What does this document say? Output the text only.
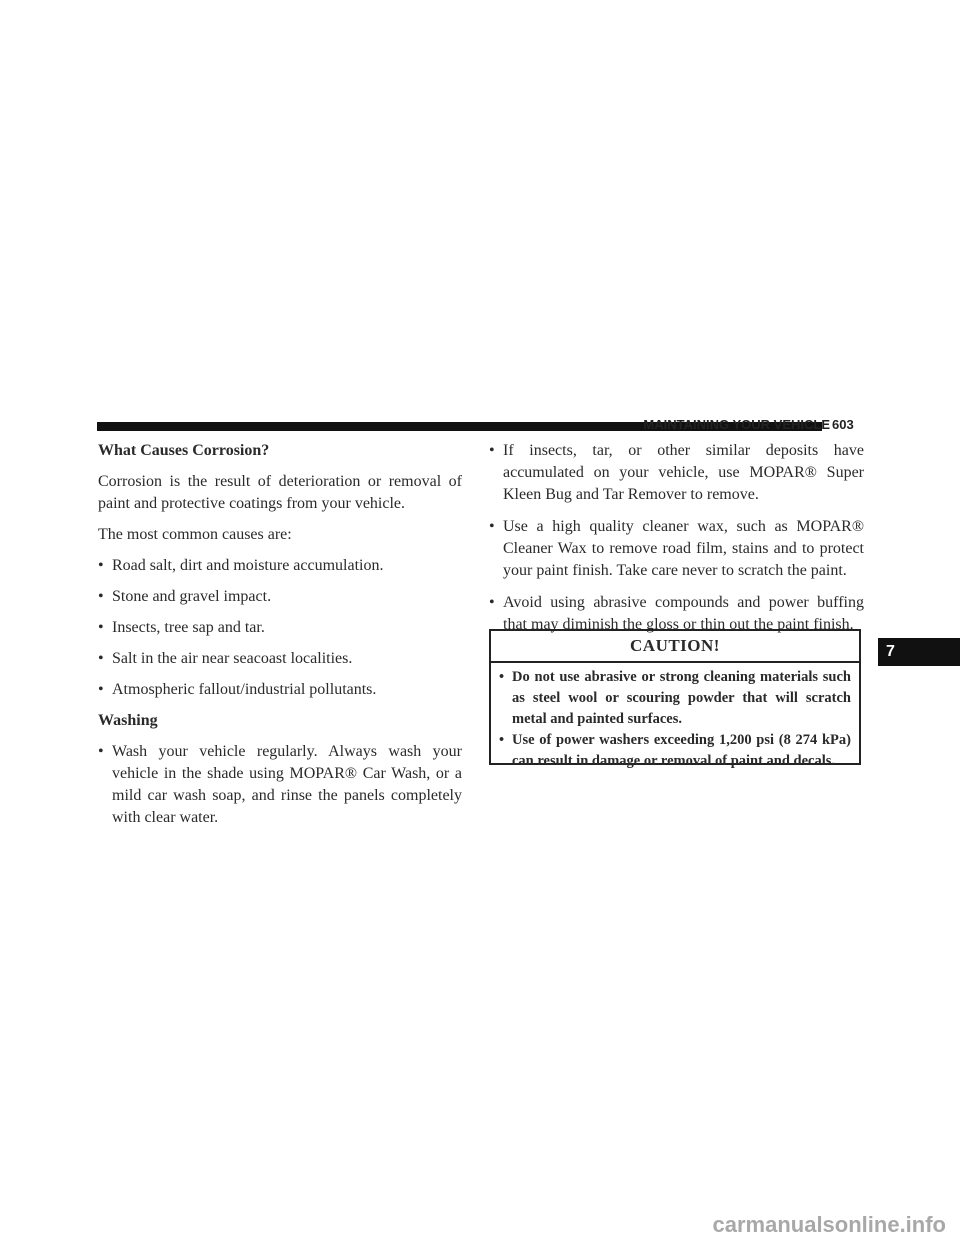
MAINTAINING YOUR VEHICLE 603
What Causes Corrosion?

Corrosion is the result of deterioration or removal of paint and protective coatings from your vehicle.

The most common causes are:

• Road salt, dirt and moisture accumulation.
• Stone and gravel impact.
• Insects, tree sap and tar.
• Salt in the air near seacoast localities.
• Atmospheric fallout/industrial pollutants.
Washing
• Wash your vehicle regularly. Always wash your vehicle in the shade using MOPAR® Car Wash, or a mild car wash soap, and rinse the panels completely with clear water.
• If insects, tar, or other similar deposits have accumulated on your vehicle, use MOPAR® Super Kleen Bug and Tar Remover to remove.
• Use a high quality cleaner wax, such as MOPAR® Cleaner Wax to remove road film, stains and to protect your paint finish. Take care never to scratch the paint.
• Avoid using abrasive compounds and power buffing that may diminish the gloss or thin out the paint finish.
CAUTION!
• Do not use abrasive or strong cleaning materials such as steel wool or scouring powder that will scratch metal and painted surfaces.
• Use of power washers exceeding 1,200 psi (8 274 kPa) can result in damage or removal of paint and decals.
7
carmanualsonline.info
